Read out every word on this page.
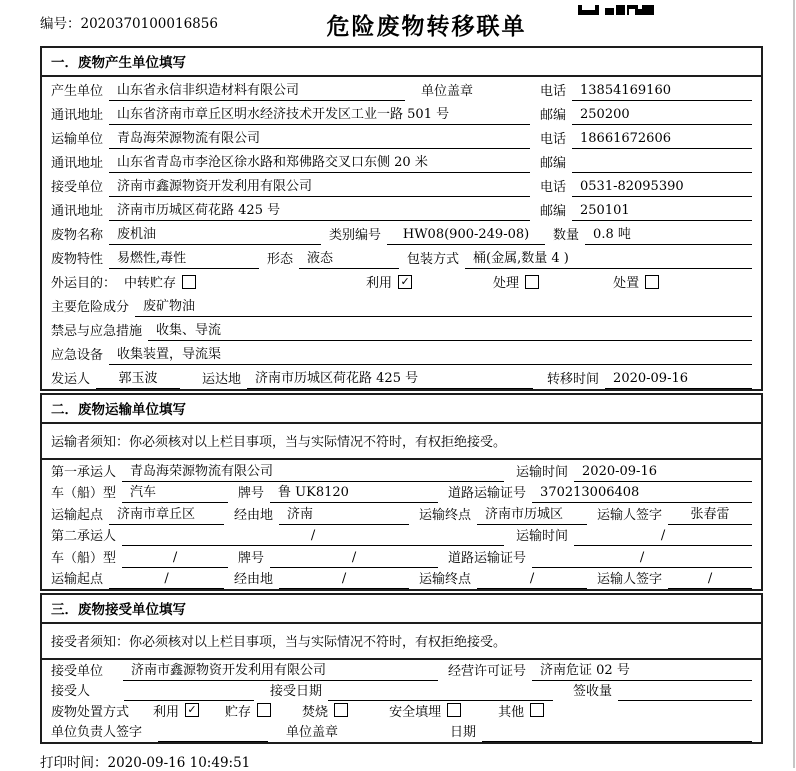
编号：2020370100016856	危险废物转移联单
一．废物产生单位填写
产生单位	山东省永信非织造材料有限公司	单位盖章	电话	13854169160
通讯地址	山东省济南市章丘区明水经济技术开发区工业一路 501 号	邮编	250200
运输单位	青岛海荣源物流有限公司	电话	18661672606
通讯地址	山东省青岛市李沧区徐水路和郑佛路交叉口东侧 20 米	邮编
接受单位	济南市鑫源物资开发利用有限公司	电话	0531-82095390
通讯地址	济南市历城区荷花路 425 号	邮编	250101
废物名称	废机油	类别编号	HW08(900-249-08)	数量	0.8 吨
废物特性	易燃性,毒性	形态	液态	包装方式	桶(金属,数量 4 )
外运目的： 中转贮存	利用 ✓	处理	处置
主要危险成分	废矿物油
禁忌与应急措施	收集、导流
应急设备	收集装置，导流渠
发运人	郭玉波	运达地	济南市历城区荷花路 425 号	转移时间	2020-09-16
二．废物运输单位填写
运输者须知：你必须核对以上栏目事项，当与实际情况不符时，有权拒绝接受。
第一承运人	青岛海荣源物流有限公司	运输时间	2020-09-16
车（船）型	汽车	牌号	鲁 UK8120	道路运输证号	370213006408
运输起点	济南市章丘区	经由地	济南	运输终点	济南市历城区	运输人签字	张春雷
第二承运人	/	运输时间	/
车（船）型	/	牌号	/	道路运输证号	/
运输起点	/	经由地	/	运输终点	/	运输人签字	/
三．废物接受单位填写
接受者须知：你必须核对以上栏目事项，当与实际情况不符时，有权拒绝接受。
接受单位	济南市鑫源物资开发利用有限公司	经营许可证号	济南危证 02 号
接受人	接受日期	签收量
废物处置方式 利用 ✓ 贮存	焚烧	安全填埋	其他
单位负责人签字	单位盖章	日期
打印时间：2020-09-16 10:49:51
